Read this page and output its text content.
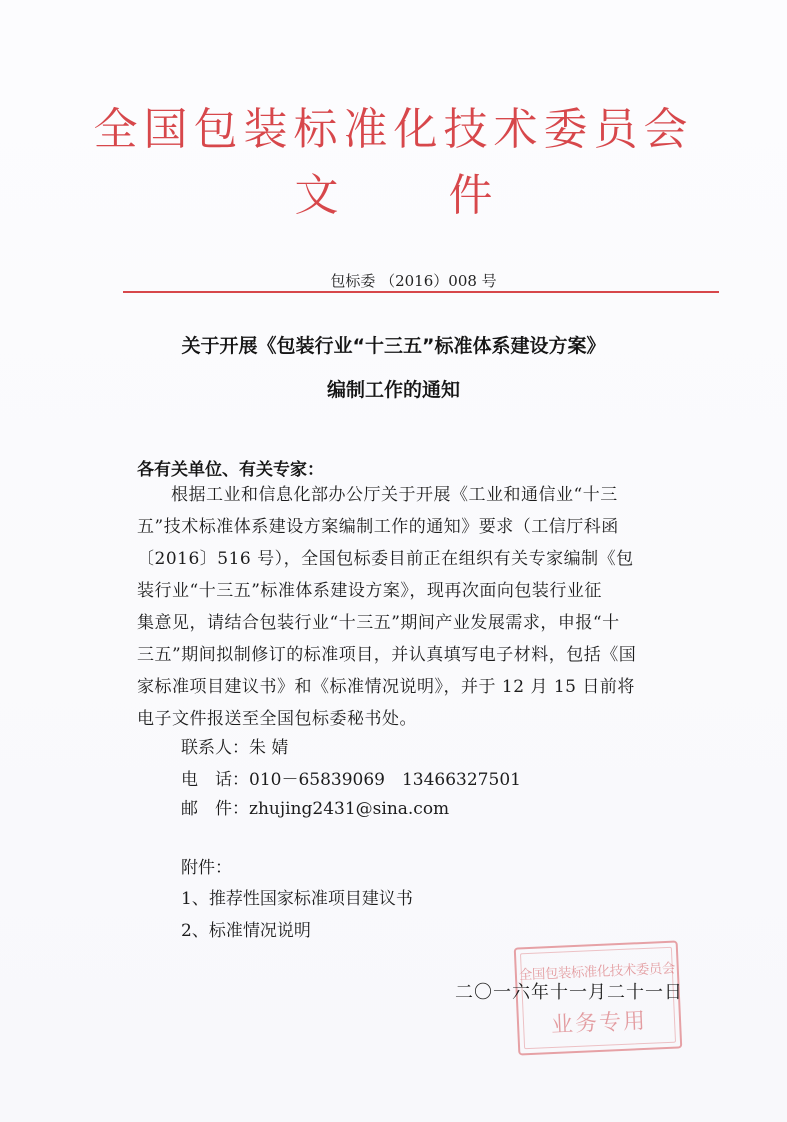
全国包装标准化技术委员会
文	件
包标委 （2016）008 号
关于开展《包装行业“十三五”标准体系建设方案》
编制工作的通知
各有关单位、有关专家：
根据工业和信息化部办公厅关于开展《工业和通信业“十三
五”技术标准体系建设方案编制工作的通知》要求（工信厅科函
〔2016〕516 号），全国包标委目前正在组织有关专家编制《包
装行业“十三五”标准体系建设方案》，现再次面向包装行业征
集意见，请结合包装行业“十三五”期间产业发展需求，申报“十
三五”期间拟制修订的标准项目，并认真填写电子材料，包括《国
家标准项目建议书》和《标准情况说明》，并于 12 月 15 日前将
电子文件报送至全国包标委秘书处。
联系人：朱 婧
电　话：010－65839069　13466327501
邮　件：zhujing2431@sina.com
附件：
1、推荐性国家标准项目建议书
2、标准情况说明
全国包装标准化技术委员会
业务专用
二〇一六年十一月二十一日
